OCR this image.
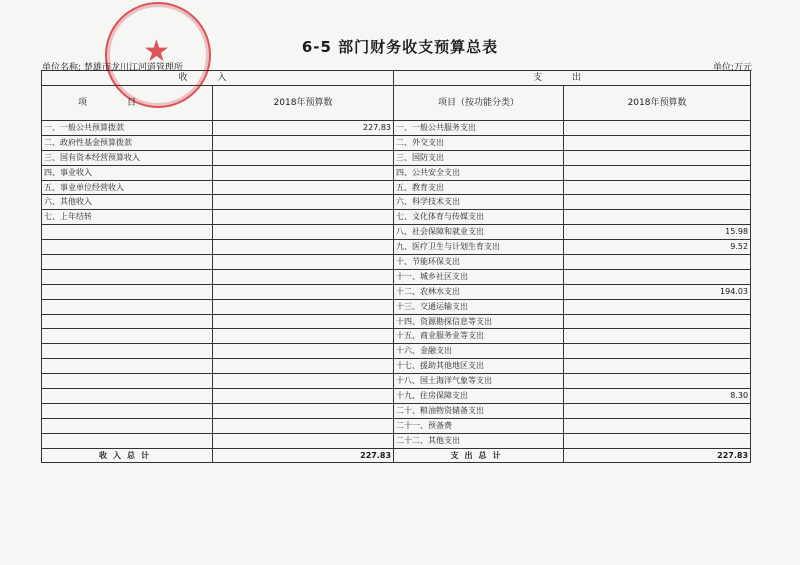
★	6-5 部门财务收支预算总表
单位名称: 楚雄市龙川江河道管理所	单位:万元
收入		支出	
项目	2018年预算数	项目（按功能分类）	2018年预算数
一、一般公共预算拨款	227.83	一、一般公共服务支出	
二、政府性基金预算拨款		二、外交支出	
三、国有资本经营预算收入		三、国防支出	
四、事业收入		四、公共安全支出	
五、事业单位经营收入		五、教育支出	
六、其他收入		六、科学技术支出	
七、上年结转		七、文化体育与传媒支出	
		八、社会保障和就业支出	15.98
		九、医疗卫生与计划生育支出	9.52
		十、节能环保支出	
		十一、城乡社区支出	
		十二、农林水支出	194.03
		十三、交通运输支出	
		十四、资源勘探信息等支出	
		十五、商业服务业等支出	
		十六、金融支出	
		十七、援助其他地区支出	
		十八、国土海洋气象等支出	
		十九、住房保障支出	8.30
		二十、粮油物资储备支出	
		二十一、预备费	
		二十二、其他支出	
收入总计	227.83	支出总计	227.83
